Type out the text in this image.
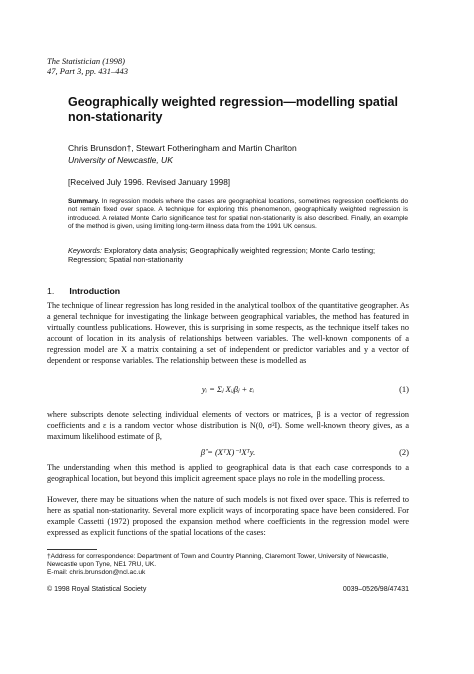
The Statistician (1998)
47, Part 3, pp. 431–443
Geographically weighted regression—modelling spatial non-stationarity
Chris Brunsdon†, Stewart Fotheringham and Martin Charlton
University of Newcastle, UK
[Received July 1996. Revised January 1998]
Summary. In regression models where the cases are geographical locations, sometimes regression coefficients do not remain fixed over space. A technique for exploring this phenomenon, geographically weighted regression is introduced. A related Monte Carlo significance test for spatial non-stationarity is also described. Finally, an example of the method is given, using limiting long-term illness data from the 1991 UK census.
Keywords: Exploratory data analysis; Geographically weighted regression; Monte Carlo testing; Regression; Spatial non-stationarity
1. Introduction
The technique of linear regression has long resided in the analytical toolbox of the quantitative geographer. As a general technique for investigating the linkage between geographical variables, the method has featured in virtually countless publications. However, this is surprising in some respects, as the technique itself takes no account of location in its analysis of relationships between variables. The well-known components of a regression model are X a matrix containing a set of independent or predictor variables and y a vector of dependent or response variables. The relationship between these is modelled as
yᵢ = Σⱼ Xᵢⱼβⱼ + εᵢ	(1)
where subscripts denote selecting individual elements of vectors or matrices, β is a vector of regression coefficients and ε is a random vector whose distribution is N(0, σ²I). Some well-known theory gives, as a maximum likelihood estimate of β,
β̂ = (XᵀX)⁻¹Xᵀy.	(2)
The understanding when this method is applied to geographical data is that each case corresponds to a geographical location, but beyond this implicit agreement space plays no role in the modelling process.
However, there may be situations when the nature of such models is not fixed over space. This is referred to here as spatial non-stationarity. Several more explicit ways of incorporating space have been considered. For example Cassetti (1972) proposed the expansion method where coefficients in the regression model were expressed as explicit functions of the spatial locations of the cases:
†Address for correspondence: Department of Town and Country Planning, Claremont Tower, University of Newcastle, Newcastle upon Tyne, NE1 7RU, UK.
E-mail: chris.brunsdon@ncl.ac.uk
© 1998 Royal Statistical Society	0039–0526/98/47431
